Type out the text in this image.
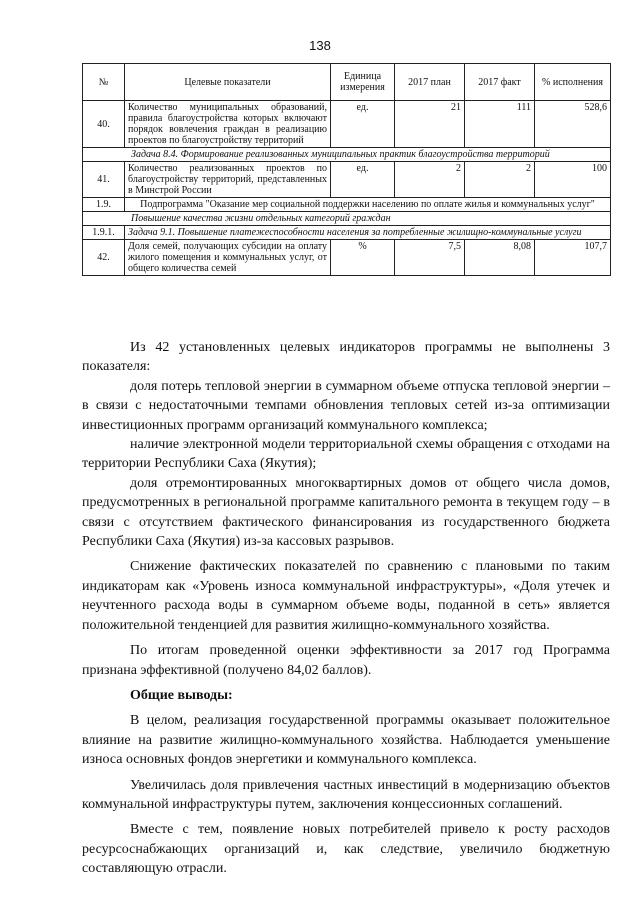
138
№	Целевые показатели	Единица измерения	2017 план	2017 факт	% исполнения
40.	Количество муниципальных образований, правила благоустройства которых включают порядок вовлечения граждан в реализацию проектов по благоустройству территорий	ед.	21	111	528,6
Задача 8.4. Формирование реализованных муниципальных практик благоустройства территорий					
41.	Количество реализованных проектов по благоустройству территорий, представленных в Минстрой России	ед.	2	2	100
1.9.	Подпрограмма "Оказание мер социальной поддержки населению по оплате жилья и коммунальных услуг"				
Повышение качества жизни отдельных категорий граждан					
1.9.1.	Задача 9.1. Повышение платежеспособности населения за потребленные жилищно-коммунальные услуги				
42.	Доля семей, получающих субсидии на оплату жилого помещения и коммунальных услуг, от общего количества семей	%	7,5	8,08	107,7

Из 42 установленных целевых индикаторов программы не выполнены 3 показателя:

доля потерь тепловой энергии в суммарном объеме отпуска тепловой энергии – в связи с недостаточными темпами обновления тепловых сетей из-за оптимизации инвестиционных программ организаций коммунального комплекса;

наличие электронной модели территориальной схемы обращения с отходами на территории Республики Саха (Якутия);

доля отремонтированных многоквартирных домов от общего числа домов, предусмотренных в региональной программе капитального ремонта в текущем году – в связи с отсутствием фактического финансирования из государственного бюджета Республики Саха (Якутия) из-за кассовых разрывов.

Снижение фактических показателей по сравнению с плановыми по таким индикаторам как «Уровень износа коммунальной инфраструктуры», «Доля утечек и неучтенного расхода воды в суммарном объеме воды, поданной в сеть» является положительной тенденцией для развития жилищно-коммунального хозяйства.

По итогам проведенной оценки эффективности за 2017 год Программа признана эффективной (получено 84,02 баллов).

Общие выводы:

В целом, реализация государственной программы оказывает положительное влияние на развитие жилищно-коммунального хозяйства. Наблюдается уменьшение износа основных фондов энергетики и коммунального комплекса.

Увеличилась доля привлечения частных инвестиций в модернизацию объектов коммунальной инфраструктуры путем, заключения концессионных соглашений.

Вместе с тем, появление новых потребителей привело к росту расходов ресурсоснабжающих организаций и, как следствие, увеличило бюджетную составляющую отрасли.
